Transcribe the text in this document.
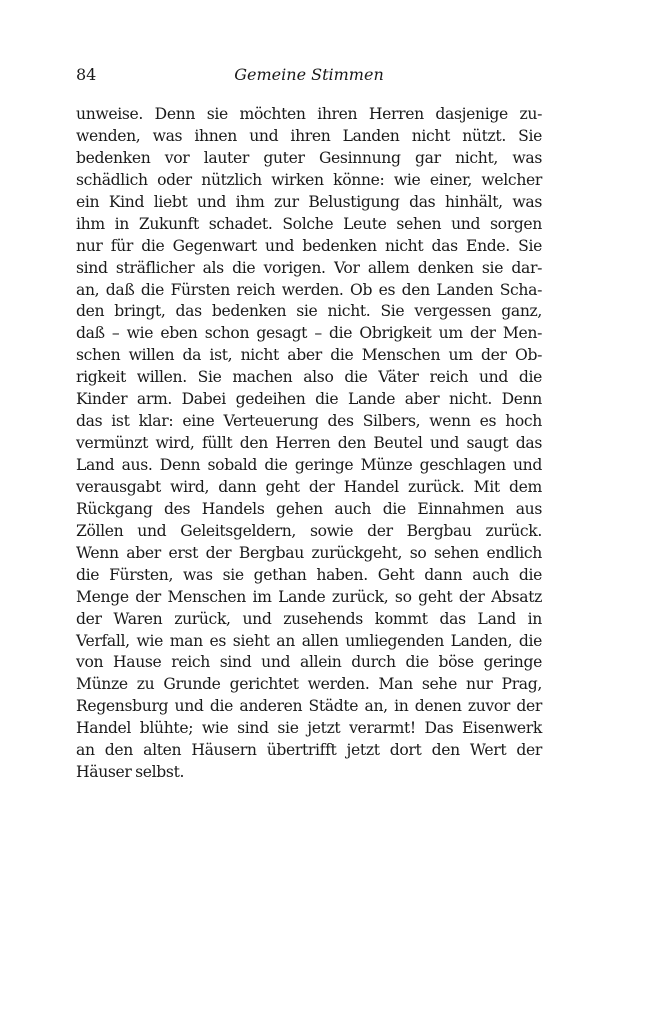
84	Gemeine Stimmen
unweise. Denn sie möchten ihren Herren dasjenige zu-
wenden, was ihnen und ihren Landen nicht nützt. Sie
bedenken vor lauter guter Gesinnung gar nicht, was
schädlich oder nützlich wirken könne: wie einer, welcher
ein Kind liebt und ihm zur Belustigung das hinhält, was
ihm in Zukunft schadet. Solche Leute sehen und sorgen
nur für die Gegenwart und bedenken nicht das Ende. Sie
sind sträflicher als die vorigen. Vor allem denken sie dar-
an, daß die Fürsten reich werden. Ob es den Landen Scha-
den bringt, das bedenken sie nicht. Sie vergessen ganz,
daß – wie eben schon gesagt – die Obrigkeit um der Men-
schen willen da ist, nicht aber die Menschen um der Ob-
rigkeit willen. Sie machen also die Väter reich und die
Kinder arm. Dabei gedeihen die Lande aber nicht. Denn
das ist klar: eine Verteuerung des Silbers, wenn es hoch
vermünzt wird, füllt den Herren den Beutel und saugt das
Land aus. Denn sobald die geringe Münze geschlagen und
verausgabt wird, dann geht der Handel zurück. Mit dem
Rückgang des Handels gehen auch die Einnahmen aus
Zöllen und Geleitsgeldern, sowie der Bergbau zurück.
Wenn aber erst der Bergbau zurückgeht, so sehen endlich
die Fürsten, was sie gethan haben. Geht dann auch die
Menge der Menschen im Lande zurück, so geht der Absatz
der Waren zurück, und zusehends kommt das Land in
Verfall, wie man es sieht an allen umliegenden Landen, die
von Hause reich sind und allein durch die böse geringe
Münze zu Grunde gerichtet werden. Man sehe nur Prag,
Regensburg und die anderen Städte an, in denen zuvor der
Handel blühte; wie sind sie jetzt verarmt! Das Eisenwerk
an den alten Häusern übertrifft jetzt dort den Wert der
Häuser selbst.
